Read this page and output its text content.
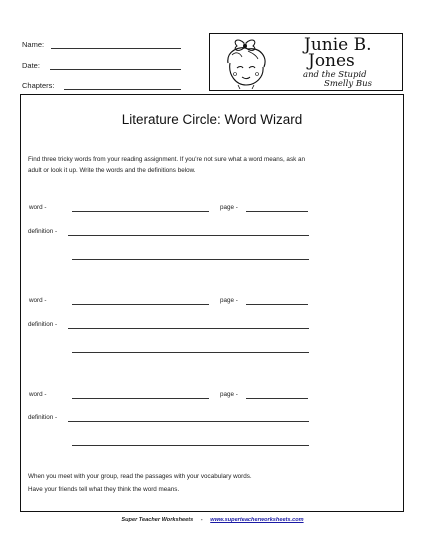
Name:
Date:
Chapters:
Junie B.
Jones
and the Stupid
Smelly Bus
Literature Circle: Word Wizard
Find three tricky words from your reading assignment. If you're not sure what a word means, ask an
adult or look it up. Write the words and the definitions below.
word -	page -
definition -
word -	page -
definition -
word -	page -
definition -
When you meet with your group, read the passages with your vocabulary words.
Have your friends tell what they think the word means.
Super Teacher Worksheets - www.superteacherworksheets.com
